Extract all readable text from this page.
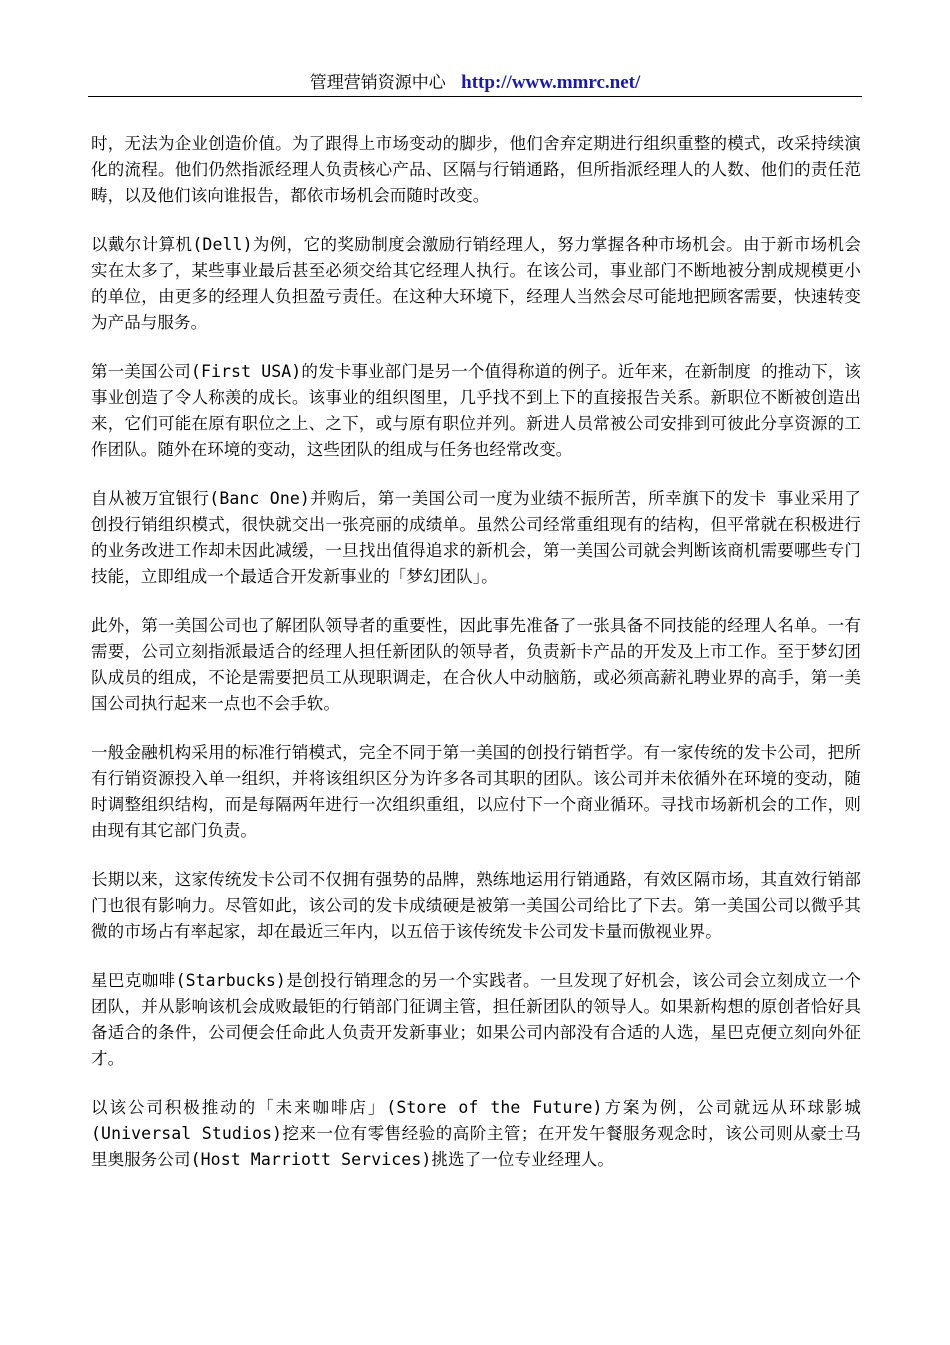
管理营销资源中心 http://www.mmrc.net/

时，无法为企业创造价值。为了跟得上市场变动的脚步，他们舍弃定期进行组织重整的模式，改采持续演化的流程。他们仍然指派经理人负责核心产品、区隔与行销通路，但所指派经理人的人数、他们的责任范畴，以及他们该向谁报告，都依市场机会而随时改变。

以戴尔计算机(Dell)为例，它的奖励制度会激励行销经理人，努力掌握各种市场机会。由于新市场机会实在太多了，某些事业最后甚至必须交给其它经理人执行。在该公司，事业部门不断地被分割成规模更小的单位，由更多的经理人负担盈亏责任。在这种大环境下，经理人当然会尽可能地把顾客需要，快速转变为产品与服务。

第一美国公司(First USA)的发卡事业部门是另一个值得称道的例子。近年来，在新制度 的推动下，该事业创造了令人称羡的成长。该事业的组织图里，几乎找不到上下的直接报告关系。新职位不断被创造出来，它们可能在原有职位之上、之下，或与原有职位并列。新进人员常被公司安排到可彼此分享资源的工作团队。随外在环境的变动，这些团队的组成与任务也经常改变。

自从被万宜银行(Banc One)并购后，第一美国公司一度为业绩不振所苦，所幸旗下的发卡 事业采用了创投行销组织模式，很快就交出一张亮丽的成绩单。虽然公司经常重组现有的结构，但平常就在积极进行的业务改进工作却未因此减缓，一旦找出值得追求的新机会，第一美国公司就会判断该商机需要哪些专门技能，立即组成一个最适合开发新事业的「梦幻团队」。

此外，第一美国公司也了解团队领导者的重要性，因此事先准备了一张具备不同技能的经理人名单。一有需要，公司立刻指派最适合的经理人担任新团队的领导者，负责新卡产品的开发及上市工作。至于梦幻团队成员的组成，不论是需要把员工从现职调走，在合伙人中动脑筋，或必须高薪礼聘业界的高手，第一美国公司执行起来一点也不会手软。

一般金融机构采用的标准行销模式，完全不同于第一美国的创投行销哲学。有一家传统的发卡公司，把所有行销资源投入单一组织，并将该组织区分为许多各司其职的团队。该公司并未依循外在环境的变动，随时调整组织结构，而是每隔两年进行一次组织重组，以应付下一个商业循环。寻找市场新机会的工作，则由现有其它部门负责。

长期以来，这家传统发卡公司不仅拥有强势的品牌，熟练地运用行销通路，有效区隔市场，其直效行销部门也很有影响力。尽管如此，该公司的发卡成绩硬是被第一美国公司给比了下去。第一美国公司以微乎其微的市场占有率起家，却在最近三年内，以五倍于该传统发卡公司发卡量而傲视业界。

星巴克咖啡(Starbucks)是创投行销理念的另一个实践者。一旦发现了好机会，该公司会立刻成立一个团队，并从影响该机会成败最钜的行销部门征调主管，担任新团队的领导人。如果新构想的原创者恰好具备适合的条件，公司便会任命此人负责开发新事业；如果公司内部没有合适的人选，星巴克便立刻向外征才。

以该公司积极推动的「未来咖啡店」(Store of the Future)方案为例，公司就远从环球影城(Universal Studios)挖来一位有零售经验的高阶主管；在开发午餐服务观念时，该公司则从豪士马里奥服务公司(Host Marriott Services)挑选了一位专业经理人。
